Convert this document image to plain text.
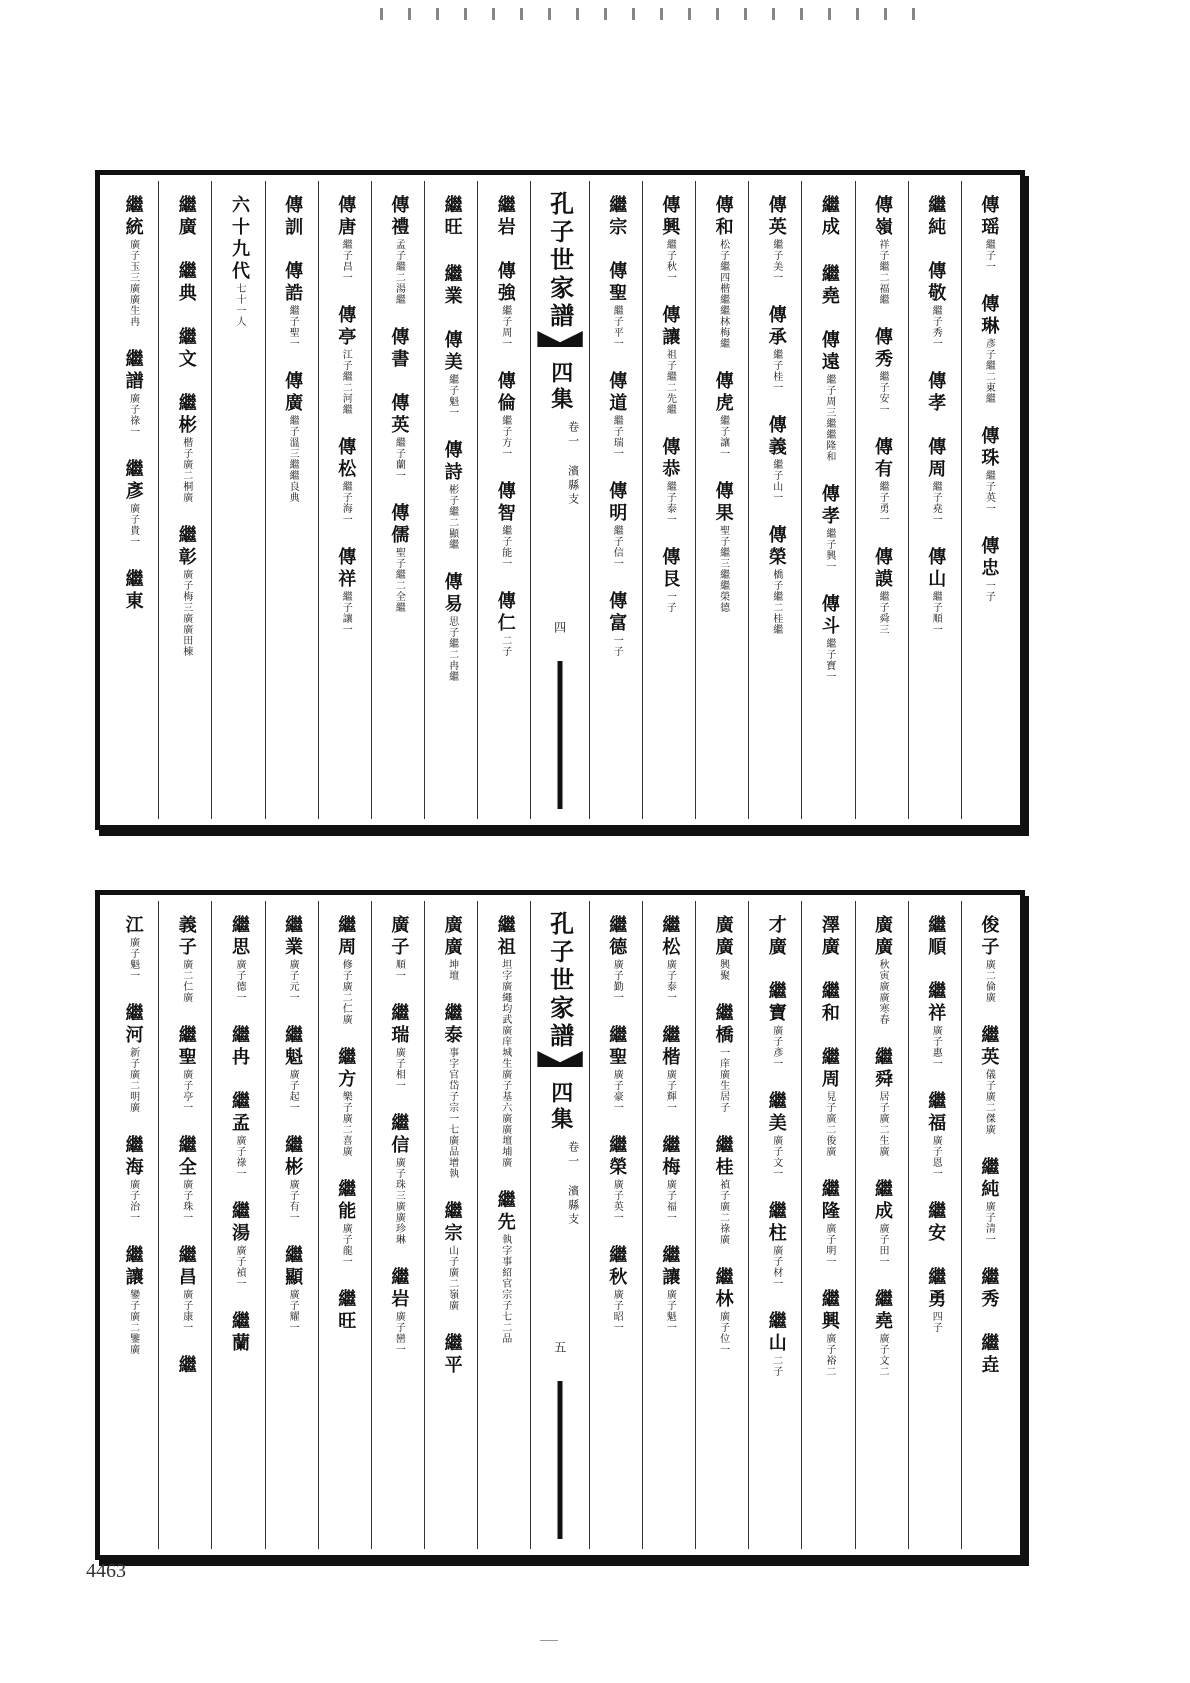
傳瑶繼子一　傳琳彥子繼二東繼　傳珠繼子英一　傳忠一子　
繼純　傳敬繼子秀一　傳孝　傳周繼子堯一　傳山繼子順一　
傳嶺祥子繼二福繼　傳秀繼子安一　傳有繼子勇一　傳謨繼子舜三　
繼成 繼堯　傳遠繼子周三繼繼隆和　傳孝繼子興一　傳斗繼子寶一　
傳英繼子美一　傳承繼子桂一　傳義繼子山一　傳榮橋子繼二桂繼　
傳和松子繼四楷繼繼林梅繼　傳虎繼子讓一　傳果聖子繼三繼繼榮德　
傳興繼子秋一　傳讓祖子繼二先繼　傳恭繼子泰一　傳艮一子　
繼宗　傳聖繼子平一　傳道繼子瑞一　傳明繼子信一　傳富一子　
孔子世家譜
四集
卷一 濱縣支
四
繼岩　傳強繼子周一　傳倫繼子方一　傳智繼子能一　傳仁二子　
繼旺 繼業　傳美繼子魁一　傳詩彬子繼二顯繼　傳易思子繼二冉繼　
傳禮孟子繼二湯繼　傳書　傳英繼子蘭一　傳儒聖子繼二全繼　
傳唐繼子昌一　傳亭江子繼二河繼　傳松繼子海一　傳祥繼子讓一　
傳訓　傳誥繼子聖一　傳廣繼子溫三繼繼良典　
六十九代七十一人　
繼廣　繼典　繼文　繼彬楷子廣二桐廣　繼彰廣子梅三廣廣田棟　
繼統廣子玉三廣廣生冉　繼譜廣子祿一　繼彥廣子貴一　繼東　
俊子廣二倫廣　繼英儀子廣二傑廣　繼純廣子清一　繼秀　繼垚　
繼順　繼祥廣子惠一　繼福廣子恩一　繼安　繼勇四子　
廣廣秋寅廣廣寒春　繼舜居子廣二生廣　繼成廣子田一　繼堯廣子文二　
澤廣　繼和　繼周見子廣二俊廣　繼隆廣子明一　繼興廣子裕二　
才廣　繼寶廣子彥一　繼美廣子文一　繼柱廣子材一　繼山二子　
廣廣興聚　繼橋一庠廣生居子　繼桂禎子廣二祿廣　繼林廣子位一　
繼松廣子泰一　繼楷廣子輝一　繼梅廣子福一　繼讓廣子魁一　
繼德廣子勤一　繼聖廣子豪一　繼榮廣子英一　繼秋廣子昭一　
孔子世家譜
四集
卷一 濱縣支
五
繼祖坦字廣繩均武廣庠城生廣子基六廣廣壇埔廣　繼先執字事紹官宗子七二品　
廣廣坤壇　繼泰事字官岱子宗一七廣品增執　繼宗山子廣二嶺廣　繼平　
廣子順一　繼瑞廣子相一　繼信廣子珠三廣廣珍琳　繼岩廣子巒一　
繼周修子廣二仁廣　繼方樂子廣二喜廣　繼能廣子龍一　繼旺　
繼業廣子元一　繼魁廣子起一　繼彬廣子有一　繼顯廣子耀一　
繼思廣子德一　繼冉　繼孟廣子祿一　繼湯廣子禎一　繼蘭　
義子廣二仁廣　繼聖廣子亭一　繼全廣子珠一　繼昌廣子康一　繼　
江廣子魁一　繼河新子廣二明廣　繼海廣子治一　繼讓鑾子廣二鑒廣　
4463
